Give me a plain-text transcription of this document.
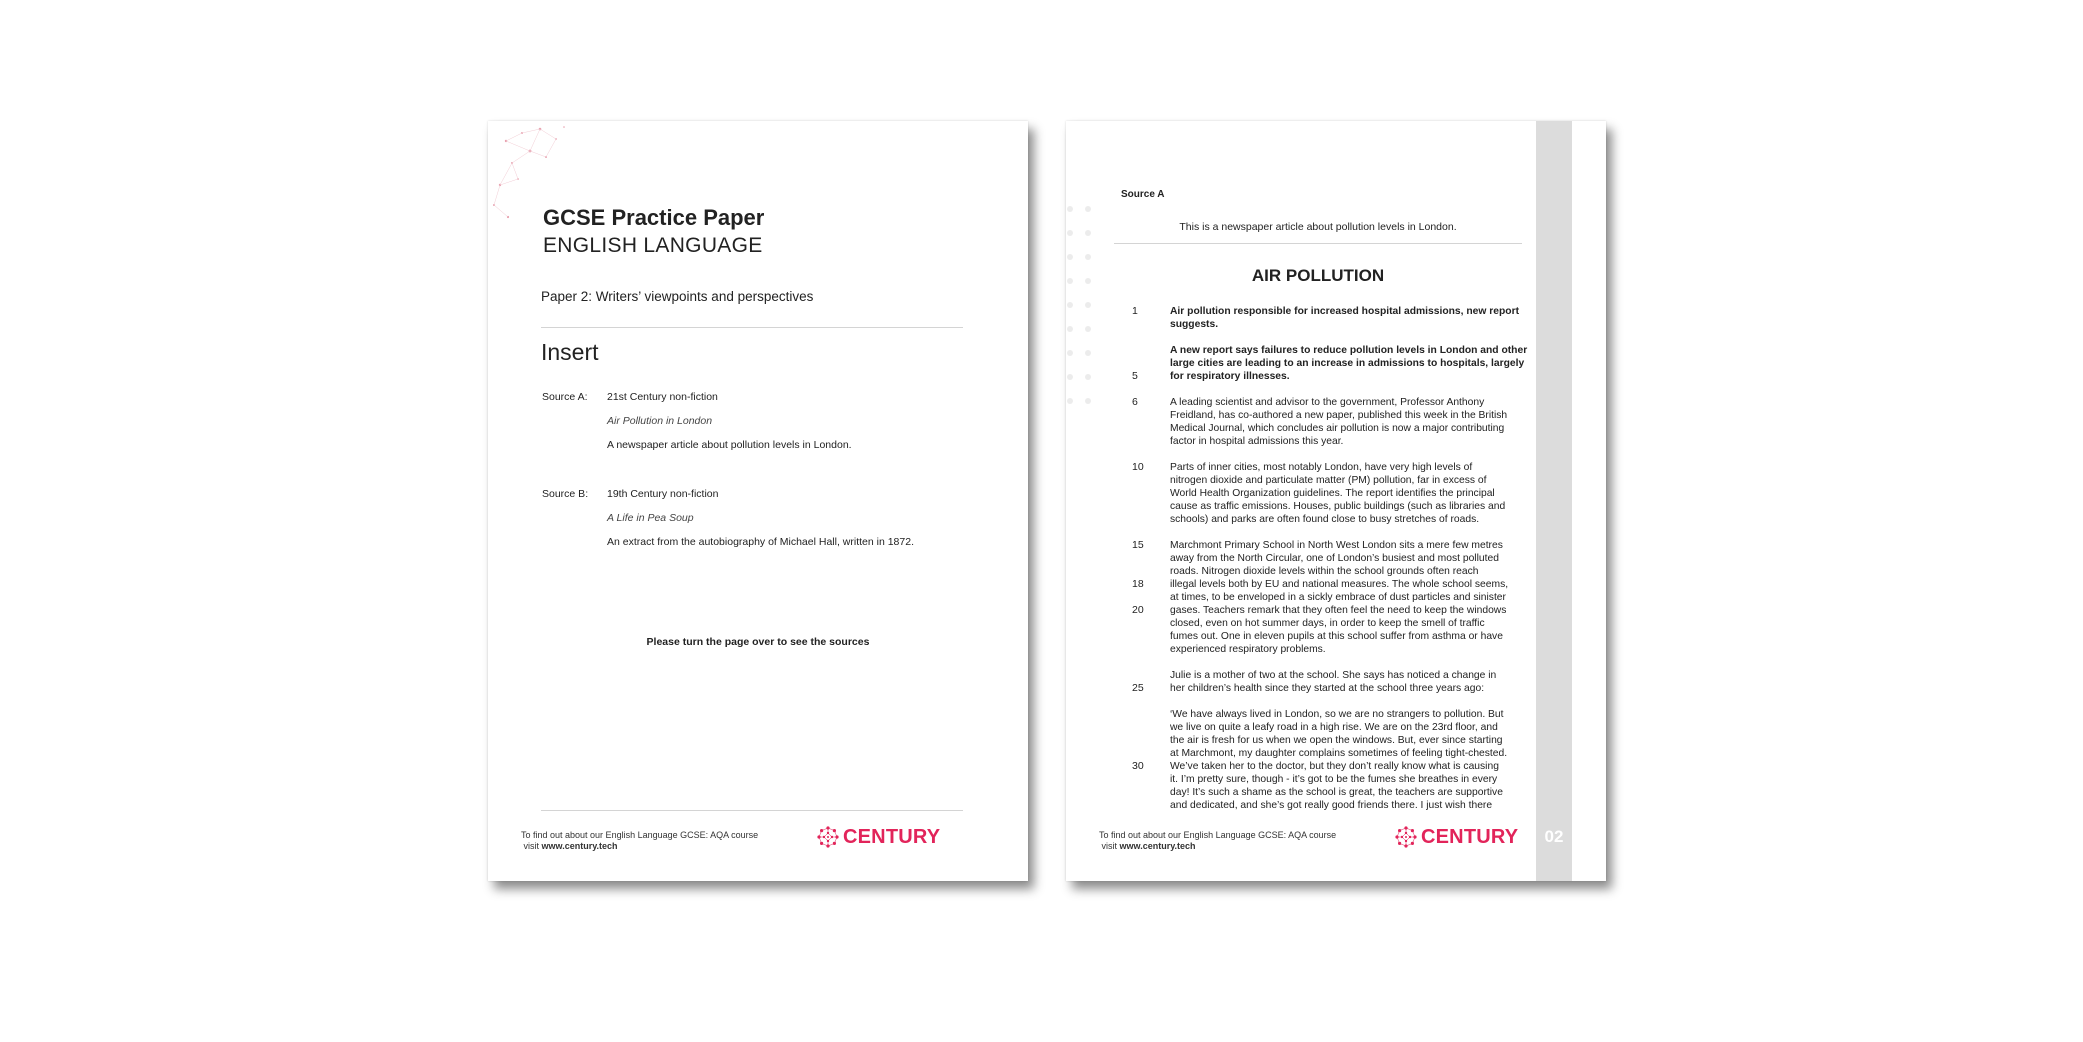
GCSE Practice Paper
ENGLISH LANGUAGE
Paper 2: Writers’ viewpoints and perspectives
Insert
Source A: 21st Century non-fiction
Air Pollution in London
A newspaper article about pollution levels in London.
Source B: 19th Century non-fiction
A Life in Pea Soup
An extract from the autobiography of Michael Hall, written in 1872.
Please turn the page over to see the sources
To find out about our English Language GCSE: AQA course
visit www.century.tech	CENTURY	02
Source A
This is a newspaper article about pollution levels in London.
AIR POLLUTION
1
5
6
10
15
18
20
25
30
Air pollution responsible for increased hospital admissions, new report
suggests.
A new report says failures to reduce pollution levels in London and other
large cities are leading to an increase in admissions to hospitals, largely
for respiratory illnesses.
A leading scientist and advisor to the government, Professor Anthony
Freidland, has co-authored a new paper, published this week in the British
Medical Journal, which concludes air pollution is now a major contributing
factor in hospital admissions this year.
Parts of inner cities, most notably London, have very high levels of
nitrogen dioxide and particulate matter (PM) pollution, far in excess of
World Health Organization guidelines. The report identifies the principal
cause as traffic emissions. Houses, public buildings (such as libraries and
schools) and parks are often found close to busy stretches of roads.
Marchmont Primary School in North West London sits a mere few metres
away from the North Circular, one of London’s busiest and most polluted
roads. Nitrogen dioxide levels within the school grounds often reach
illegal levels both by EU and national measures. The whole school seems,
at times, to be enveloped in a sickly embrace of dust particles and sinister
gases. Teachers remark that they often feel the need to keep the windows
closed, even on hot summer days, in order to keep the smell of traffic
fumes out. One in eleven pupils at this school suffer from asthma or have
experienced respiratory problems.
Julie is a mother of two at the school. She says has noticed a change in
her children’s health since they started at the school three years ago:
‘We have always lived in London, so we are no strangers to pollution. But
we live on quite a leafy road in a high rise. We are on the 23rd floor, and
the air is fresh for us when we open the windows. But, ever since starting
at Marchmont, my daughter complains sometimes of feeling tight-chested.
We’ve taken her to the doctor, but they don’t really know what is causing
it. I’m pretty sure, though - it’s got to be the fumes she breathes in every
day! It’s such a shame as the school is great, the teachers are supportive
and dedicated, and she’s got really good friends there. I just wish there
To find out about our English Language GCSE: AQA course
visit www.century.tech	CENTURY
